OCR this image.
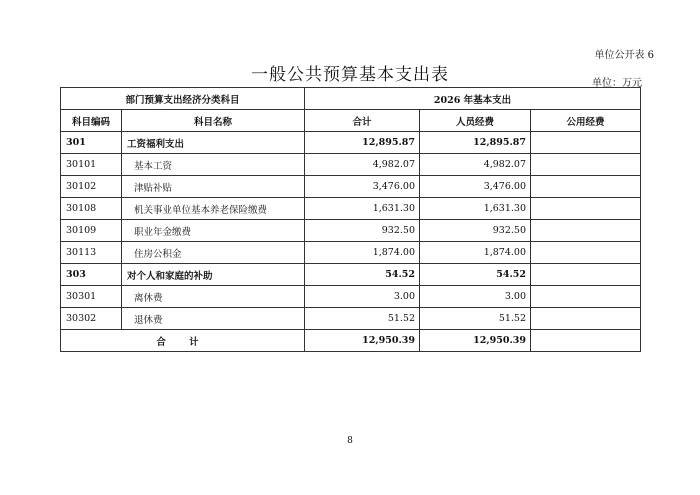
单位公开表 6
一般公共预算基本支出表	单位：万元
部门预算支出经济分类科目		2026 年基本支出		
科目编码	科目名称	合计	人员经费	公用经费
301	工资福利支出	12,895.87	12,895.87	
30101	基本工资	4,982.07	4,982.07	
30102	津贴补贴	3,476.00	3,476.00	
30108	机关事业单位基本养老保险缴费	1,631.30	1,631.30	
30109	职业年金缴费	932.50	932.50	
30113	住房公积金	1,874.00	1,874.00	
303	对个人和家庭的补助	54.52	54.52	
30301	离休费	3.00	3.00	
30302	退休费	51.52	51.52	
合 计		12,950.39	12,950.39	
8
